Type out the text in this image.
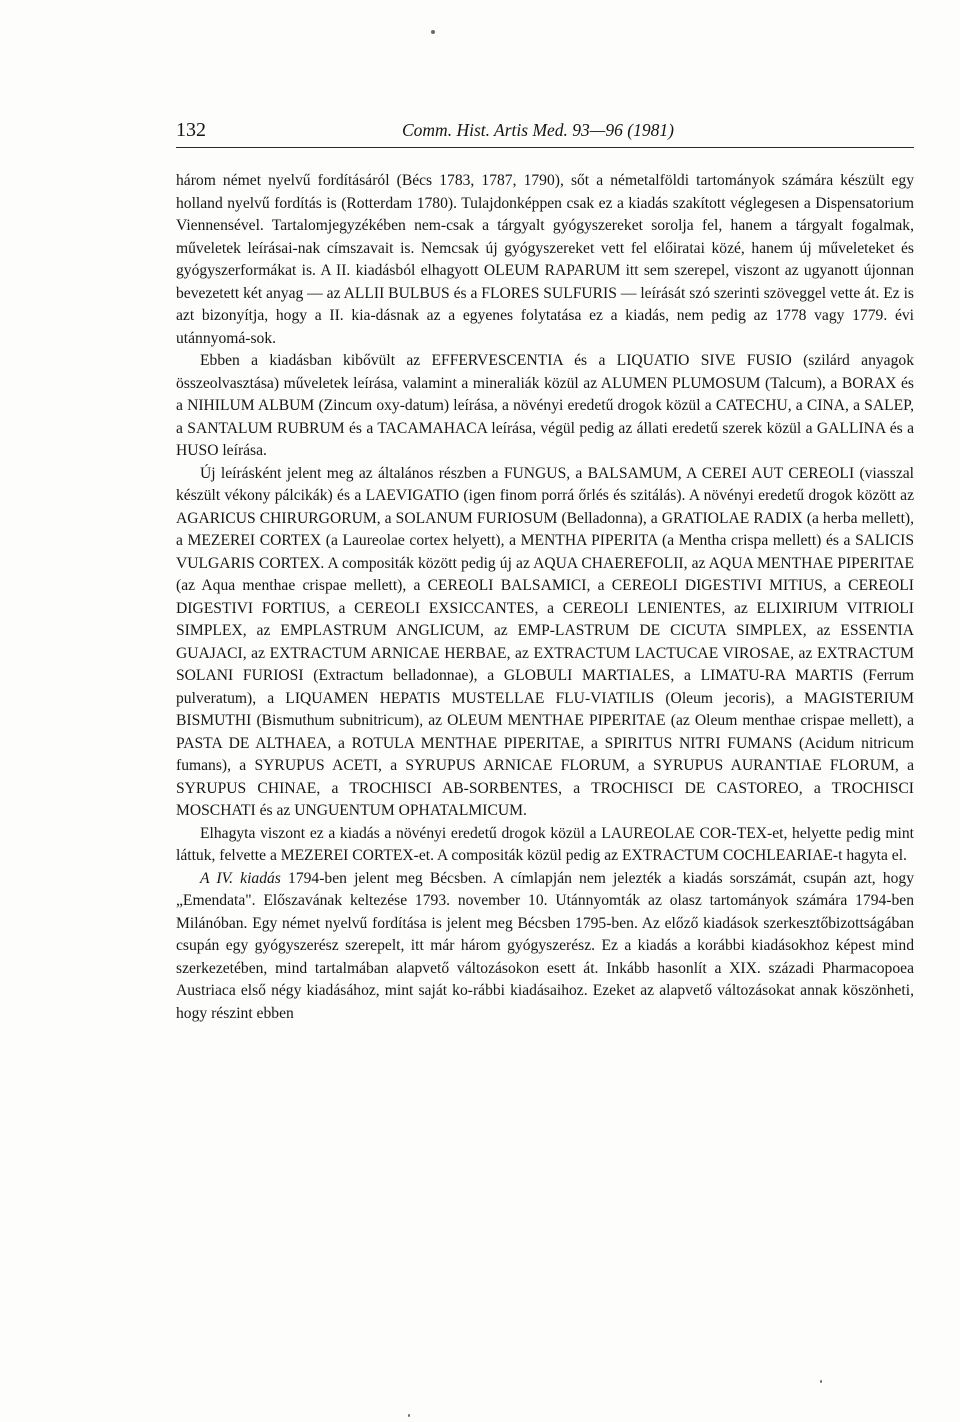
132	Comm. Hist. Artis Med. 93—96 (1981)

három német nyelvű fordításáról (Bécs 1783, 1787, 1790), sőt a németalföldi tartományok számára készült egy holland nyelvű fordítás is (Rotterdam 1780). Tulajdonképpen csak ez a kiadás szakított véglegesen a Dispensatorium Viennensével. Tartalomjegyzékében nem-csak a tárgyalt gyógyszereket sorolja fel, hanem a tárgyalt fogalmak, műveletek leírásai-nak címszavait is. Nemcsak új gyógyszereket vett fel előiratai közé, hanem új műveleteket és gyógyszerformákat is. A II. kiadásból elhagyott OLEUM RAPARUM itt sem szerepel, viszont az ugyanott újonnan bevezetett két anyag — az ALLII BULBUS és a FLORES SULFURIS — leírását szó szerinti szöveggel vette át. Ez is azt bizonyítja, hogy a II. kia-dásnak az a egyenes folytatása ez a kiadás, nem pedig az 1778 vagy 1779. évi utánnyomá-sok.

Ebben a kiadásban kibővült az EFFERVESCENTIA és a LIQUATIO SIVE FUSIO (szilárd anyagok összeolvasztása) műveletek leírása, valamint a mineraliák közül az ALUMEN PLUMOSUM (Talcum), a BORAX és a NIHILUM ALBUM (Zincum oxy-datum) leírása, a növényi eredetű drogok közül a CATECHU, a CINA, a SALEP, a SANTALUM RUBRUM és a TACAMAHACA leírása, végül pedig az állati eredetű szerek közül a GALLINA és a HUSO leírása.

Új leírásként jelent meg az általános részben a FUNGUS, a BALSAMUM, A CEREI AUT CEREOLI (viasszal készült vékony pálcikák) és a LAEVIGATIO (igen finom porrá őrlés és szitálás). A növényi eredetű drogok között az AGARICUS CHIRURGORUM, a SOLANUM FURIOSUM (Belladonna), a GRATIOLAE RADIX (a herba mellett), a MEZEREI CORTEX (a Laureolae cortex helyett), a MENTHA PIPERITA (a Mentha crispa mellett) és a SALICIS VULGARIS CORTEX. A compositák között pedig új az AQUA CHAEREFOLII, az AQUA MENTHAE PIPERITAE (az Aqua menthae crispae mellett), a CEREOLI BALSAMICI, a CEREOLI DIGESTIVI MITIUS, a CEREOLI DIGESTIVI FORTIUS, a CEREOLI EXSICCANTES, a CEREOLI LENIENTES, az ELIXIRIUM VITRIOLI SIMPLEX, az EMPLASTRUM ANGLICUM, az EMP-LASTRUM DE CICUTA SIMPLEX, az ESSENTIA GUAJACI, az EXTRACTUM ARNICAE HERBAE, az EXTRACTUM LACTUCAE VIROSAE, az EXTRACTUM SOLANI FURIOSI (Extractum belladonnae), a GLOBULI MARTIALES, a LIMATU-RA MARTIS (Ferrum pulveratum), a LIQUAMEN HEPATIS MUSTELLAE FLU-VIATILIS (Oleum jecoris), a MAGISTERIUM BISMUTHI (Bismuthum subnitricum), az OLEUM MENTHAE PIPERITAE (az Oleum menthae crispae mellett), a PASTA DE ALTHAEA, a ROTULA MENTHAE PIPERITAE, a SPIRITUS NITRI FUMANS (Acidum nitricum fumans), a SYRUPUS ACETI, a SYRUPUS ARNICAE FLORUM, a SYRUPUS AURANTIAE FLORUM, a SYRUPUS CHINAE, a TROCHISCI AB-SORBENTES, a TROCHISCI DE CASTOREO, a TROCHISCI MOSCHATI és az UNGUENTUM OPHATALMICUM.

Elhagyta viszont ez a kiadás a növényi eredetű drogok közül a LAUREOLAE COR-TEX-et, helyette pedig mint láttuk, felvette a MEZEREI CORTEX-et. A compositák közül pedig az EXTRACTUM COCHLEARIAE-t hagyta el.

A IV. kiadás 1794-ben jelent meg Bécsben. A címlapján nem jelezték a kiadás sorszámát, csupán azt, hogy „Emendata". Előszavának keltezése 1793. november 10. Utánnyomták az olasz tartományok számára 1794-ben Milánóban. Egy német nyelvű fordítása is jelent meg Bécsben 1795-ben. Az előző kiadások szerkesztőbizottságában csupán egy gyógyszerész szerepelt, itt már három gyógyszerész. Ez a kiadás a korábbi kiadásokhoz képest mind szerkezetében, mind tartalmában alapvető változásokon esett át. Inkább hasonlít a XIX. századi Pharmacopoea Austriaca első négy kiadásához, mint saját ko-rábbi kiadásaihoz. Ezeket az alapvető változásokat annak köszönheti, hogy részint ebben
